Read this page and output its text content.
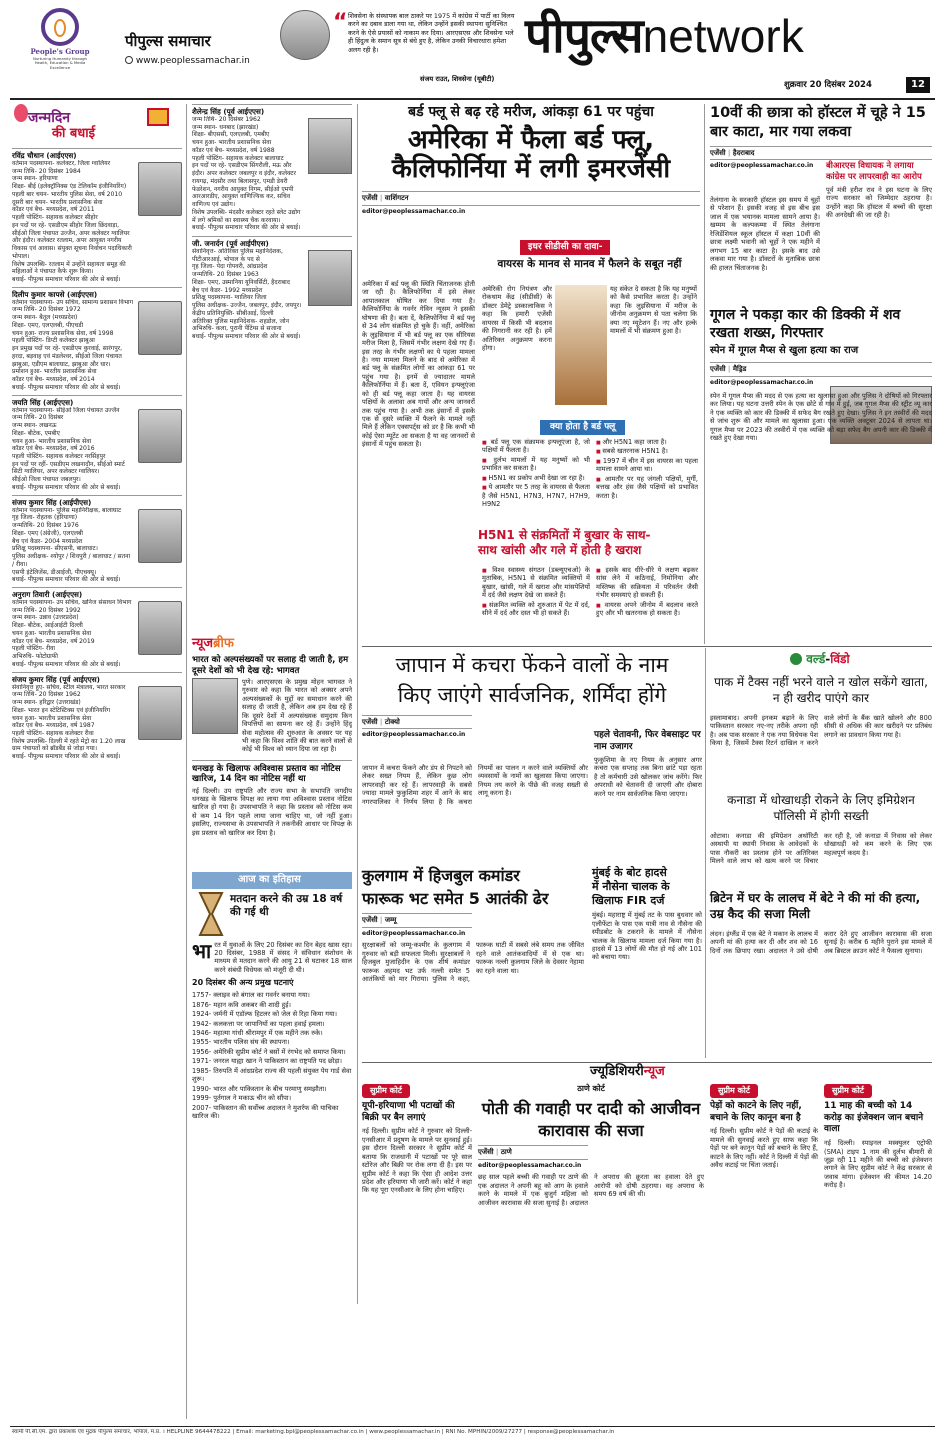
People's Group
Nurturing Humanity through Health, Education & Media Excellence
पीपुल्स समाचार
www.peoplessamachar.in
“ शिवसेना के संस्थापक बाल ठाकरे पर 1975 में कांग्रेस में पार्टी का विलय करने का दबाव डाला गया था, लेकिन उन्होंने इसकी स्थापना सुनिश्चित करने के ऐसे प्रयासों को नाकाम कर दिया। आरएसएस और शिवसेना भले ही हिंदुत्व के समान सूत्र से बंधे हुए है, लेकिन उनकी विचारधारा हमेशा अलग रही है।
संजय राउत, शिवसेना (यूबीटी)
पीपुल्सnetwork
शुक्रवार 20 दिसंबर 2024	12
जन्मदिन
की बधाई
रविंद्र चौधान (आईएएस)
वर्तमान पदस्थापना- कलेक्टर, जिला ग्वालियर
जन्म तिथि- 20 दिसंबर 1984
जन्म स्थान- हरियाणा
शिक्षा- बीई (इलेक्ट्रॉनिक्स एंड टेलिकॉम इंजीनियरिंग)
पहली बार चयन- भारतीय पुलिस सेवा, वर्ष 2010
दूसरी बार चयन- भारतीय प्रशासनिक सेवा
कॉडर एवं बैच- मध्यप्रदेश, वर्ष 2011
पहली पोस्टिंग- सहायक कलेक्टर सीहोर
इन पदों पर रहे- एसडीएम सीहोर जिला छिंदवाड़ा, सीईओ जिला पंचायत उज्जैन, अपर कलेक्टर ग्वालियर और इंदौर। कलेक्टर रतलाम, अपर आयुक्त नगरीय विकास एवं आवास। संयुक्त सूचना निर्वाचन पदाधिकारी भोपाल।
विशेष उपलब्धि- रतलाम में उन्होंने सहायता समूह की महिलाओं ने पंचायत कैफे शुरू किया।
बधाई- पीपुल्स समाचार परिवार की ओर से बधाई।
दिलीप कुमार कापसे (आईएएस)
वर्तमान पदस्थापना- उप सचिव, सामान्य प्रशासन विभाग
जन्म तिथि- 20 दिसंबर 1972
जन्म स्थान- बैतूल (मध्यप्रदेश)
शिक्षा- एमए, एलएलबी, पीएचडी
चयन हुआ- राज्य प्रशासनिक सेवा, वर्ष 1998
पहली पोस्टिंग- डिप्टी कलेक्टर झाबुआ
इन प्रमुख पदों पर रहे- एसडीएम कुरवाई, सारंगपुर, हरदा, बड़वाह एवं मंडलेश्वर, सीईओ जिला पंचायत झाबुआ, एडीएम बालाघाट, झाबुआ और धार।
प्रमोशन हुआ- भारतीय प्रशासनिक सेवा
कॉडर एवं बैच- मध्यप्रदेश, वर्ष 2014
बधाई- पीपुल्स समाचार परिवार की ओर से बधाई।
जयति सिंह (आईएएस)
वर्तमान पदस्थापना- सीईओ जिला पंचायत उज्जैन
जन्म तिथि- 20 दिसंबर
जन्म स्थान- लखनऊ
शिक्षा- बीटेक, एमबीए
चयन हुआ- भारतीय प्रशासनिक सेवा
कॉडर एवं बैच- मध्यप्रदेश, वर्ष 2016
पहली पोस्टिंग- सहायक कलेक्टर नरसिंहपुर
इन पदों पर रहीं- एसडीएम लखनादौन, सीईओ स्मार्ट सिटी ग्वालियर, अपर कलेक्टर ग्वालियर।
सीईओ जिला पंचायत जबलपुर।
बधाई- पीपुल्स समाचार परिवार की ओर से बधाई।
संजय कुमार सिंह (आईपीएस)
वर्तमान पदस्थापना- पुलिस महानिरीक्षक, बालाघाट
गृह जिला- रोहतक (हरियाणा)
जन्मतिथि- 20 दिसंबर 1976
शिक्षा- एमए (अंग्रेजी), एलएलबी
बैच एवं कैडर- 2004 मध्यप्रदेश
प्रशिक्षु पदस्थापना- सीएसपी, बालाघाट।
पुलिस अधीक्षक- श्योपुर / शिवपुरी / बालाघाट / सतना / रीवा।
एसपी इंटेलिजेंस, डीआईजी, पीएचक्यू।
बधाई- पीपुल्स समाचार परिवार की ओर से बधाई।
अनुराग तिवारी (आईएएस)
वर्तमान पदस्थापना- उप सचिव, खनिज संसाधन विभाग
जन्म तिथि- 20 दिसंबर 1992
जन्म स्थान- उन्नाव (उत्तरप्रदेश)
शिक्षा- बीटेक, आईआईटी दिल्ली
चयन हुआ- भारतीय प्रशासनिक सेवा
कॉडर एवं बैच- मध्यप्रदेश, वर्ष 2019
पहली पोस्टिंग- रीवा
अभिरुचि- फोटोग्राफी
बधाई- पीपुल्स समाचार परिवार की ओर से बधाई।
संजय कुमार सिंह (पूर्व आईएएस)
सेवानिवृत्त हुए- सचिव, स्टील मंत्रालय, भारत सरकार
जन्म तिथि- 20 दिसंबर 1962
जन्म स्थान- हरिद्वार (उत्तराखंड)
शिक्षा- भारत इन स्टेटिस्टिक्स एवं इंजीनियरिंग
चयन हुआ- भारतीय प्रशासनिक सेवा
कॉडर एवं बैच- मध्यप्रदेश, वर्ष 1987
पहली पोस्टिंग- सहायक कलेक्टर रीवा
विशेष उपलब्धि- दिल्ली में रहते मेट्रो का 1.20 लाख ग्राम पंचायतों को ब्रॉडबैंड से जोड़ा गया।
बधाई- पीपुल्स समाचार परिवार की ओर से बधाई।
शैलेन्द्र सिंह (पूर्व आईएएस)
जन्म तिथि- 20 दिसंबर 1962
जन्म स्थान- धनबाद (झारखंड)
शिक्षा- बीएससी, एलएलबी, एमबीए
चयन हुआ- भारतीय प्रशासनिक सेवा
कॉडर एवं बैच- मध्यप्रदेश, वर्ष 1988
पहली पोस्टिंग- सहायक कलेक्टर बालाघाट
इन पदों पर रहे- एसडीएम सिंगरौली, मऊ और इंदौर। अपर कलेक्टर जबलपुर व इंदौर, कलेक्टर रायगढ़, मंदसौर तथा बिलासपुर, एमडी डेयरी फेडरेशन, नगरीय आयुक्त निगम, सीईओ एमपी आरआरडीए, आयुक्त वाणिज्यिक कर, सचिव वाणिज्य एवं उद्योग।
विशेष उपलब्धि- मंदसौर कलेक्टर रहते स्लेट उद्योग में लगे श्रमिकों का स्वास्थ्य चैक करवाया।
बधाई- पीपुल्स समाचार परिवार की ओर से बधाई।
जी. जनार्दन (पूर्व आईपीएस)
सेवानिवृत्त- अतिरिक्त पुलिस महानिदेशक, पीटीआरआई, भोपाल के पद से
गृह जिला- पेदा गोपवरी, आंध्रप्रदेश
जन्मतिथि- 20 दिसंबर 1963
शिक्षा- एमए, उस्मानिया यूनिवर्सिटी, हैदराबाद
बैच एवं कैडर- 1992 मध्यप्रदेश
प्रशिक्षु पदस्थापना- ग्वालियर जिला
पुलिस अधीक्षक- उज्जैन, जबलपुर, इंदौर, जयपुर।
केंद्रीय प्रतिनियुक्ति- सीबीआई, दिल्ली
अतिरिक्त पुलिस महानिदेशक- शहडोल, जोन
अभिरुचि- कला, पुरानी पेंटिंग्स से सजाना
बधाई- पीपुल्स समाचार परिवार की ओर से बधाई।
न्यूजब्रीफ
भारत को अल्पसंख्यकों पर सलाह दी जाती है, हम दूसरे देशों को भी देख रहे: भागवत
पुणे। आरएसएस के प्रमुख मोहन भागवत ने गुरुवार को कहा कि भारत को अक्सर अपने अल्पसंख्यकों के मुद्दों का समाधान करने की सलाह दी जाती है, लेकिन अब हम देख रहे हैं कि दूसरे देशों में अल्पसंख्यक समुदाय किन विपत्तियों का सामना कर रहे हैं। उन्होंने हिंदू सेवा महोत्सव की शुरुआत के अवसर पर यह भी कहा कि विश्व शांति की बात करने वालों से कोई भी विश्व को ध्यान दिया जा रहा है।
धनखड़ के खिलाफ अविश्वास प्रस्ताव का नोटिस खारिज, 14 दिन का नोटिस नहीं था
नई दिल्ली। उप राष्ट्रपति और राज्य सभा के सभापति जगदीप धनखड़ के खिलाफ विपक्ष का लाया गया अविश्वास प्रस्ताव नोटिस खारिज हो गया है। उपसभापति ने कहा कि प्रस्ताव को नोटिस कम से कम 14 दिन पहले लाया जाना चाहिए था, जो नहीं हुआ। इसलिए, राज्यसभा के उपसभापति ने तकनीकी आधार पर विपक्ष के इस प्रस्ताव को खारिज कर दिया है।
आज का इतिहास
मतदान करने की उम्र 18 वर्ष की गई थी
भा रत में युवाओं के लिए 20 दिसंबर का दिन बेहद खास रहा। 20 दिसंबर, 1988 में संसद ने संविधान संशोधन के माध्यम से मतदान करने की आयु 21 से घटाकर 18 साल करने संबंधी विधेयक को मंजूरी दी थी।
20 दिसंबर की अन्य प्रमुख घटनाएं
1757- क्लाइव को बंगाल का गवर्नर बनाया गया।
1876- महान कवि अकबर की शादी हुई।
1924- जर्मनी में एडॉल्फ हिटलर को जेल से रिहा किया गया।
1942- कलकत्ता पर जापानियों का पहला हवाई हमला।
1946- महात्मा गांधी श्रीरामपुर में एक महीने तक रुके।
1955- भारतीय पलिस संघ की स्थापना।
1956- अमेरिकी सुप्रीम कोर्ट ने बसों में रंगभेद को समाप्त किया।
1971- जनरल याह्या खान ने पाकिस्तान का राष्ट्रपति पद छोड़ा।
1985- तिरुपति में आंध्रप्रदेश राज्य की पहली संयुक्त पेय गार्ड सेवा शुरू।
1990- भारत और पाकिस्तान के बीच परमाणु समझौता।
1999- पुर्तगाल ने मकाऊ चीन को सौंपा।
2007- पाकिस्तान की सर्वोच्च अदालत ने मुशर्रफ की याचिका खारिज की।
बर्ड फ्लू से बढ़ रहे मरीज, आंकड़ा 61 पर पहुंचा
अमेरिका में फैला बर्ड फ्लू,
कैलिफोर्निया में लगी इमरजेंसी
एजेंसी | वाशिंगटन
editor@peoplessamachar.co.in
अमेरिका में बर्ड फ्लू की स्थिति चिंताजनक होती जा रही है। कैलिफोर्निया में इसे लेकर आपातकाल घोषित कर दिया गया है। कैलिफोर्निया के गवर्नर गेविन न्यूसम ने इसकी घोषणा की है। बता दें, कैलिफोर्निया में बर्ड फ्लू से 34 लोग संक्रमित हो चुके हैं। वहीं, अमेरिका के लुइसियाना में भी बर्ड फ्लू का एक सीरियस मरीज मिला है, जिसमें गंभीर लक्षण देखे गए हैं। इस तरह के गंभीर लक्षणों का ये पहला मामला है। नया मामला मिलने के बाद से अमेरिका में बर्ड फ्लू के संक्रमित लोगों का आंकड़ा 61 पर पहुंच गया है। इनमें से ज्यादातर मामले कैलिफोर्निया में हैं। बता दें, एवियन इन्फ्लूएंजा को ही बर्ड फ्लू कहा जाता है। यह वायरस पक्षियों के अलावा अब गायों और अन्य जानवरों तक पहुंच गया है। अभी तक इंसानों में इसके एक से दूसरे व्यक्ति में फैलने के मामले नहीं मिले हैं लेकिन एक्सपर्ट्स को डर है कि कभी भी कोई ऐसा म्यूटेंट आ सकता है या वह जानवरों से इंसानों में पहुंच सकता है।
इधर सीडीसी का दावा-
वायरस के मानव से मानव में फैलने के सबूत नहीं
अमेरिकी रोग नियंत्रण और रोकथाम केंद्र (सीडीसी) के डॉक्टर डेमेट्रे डस्कालाकिस ने कहा कि हमारी एजेंसी वायरस में किसी भी बदलाव की निगरानी कर रही है। हमें अतिरिक्त अनुक्रमण करना होगा।
यह संकेत दे सकता है कि यह मनुष्यों को कैसे प्रभावित करता है। उन्होंने कहा कि लुइसियाना में मरीज के जीनोम अनुक्रमण से पता चलेगा कि क्या नए म्यूटेशन हैं। नए और हल्के मामलों में भी संक्रमण हुआ है।
क्या होता है बर्ड फ्लू
■ बर्ड फ्लू एक संक्रामक इन्फ्लूएंजा है, जो पक्षियों में फैलता है।
■ दुर्लभ मामलों में यह मनुष्यों को भी प्रभावित कर सकता है।
■ H5N1 का प्रकोप अभी देखा जा रहा है।
■ ये आमतौर पर 5 तरह के वायरस से फैलता है जैसे H5N1, H7N3, H7N7, H7H9, H9N2
■ और H5N1 कहा जाता है।
■ सबसे खतरनाक H5N1 है।
■ 1997 में चीन में इस वायरस का पहला मामला सामने आया था।
■ आमतौर पर यह जंगली पक्षियों, मुर्गी, बत्तख और हंस जैसे पक्षियों को प्रभावित करता है।
H5N1 से संक्रमितों में बुखार के साथ-
साथ खांसी और गले में होती है खराश
■ विश्व स्वास्थ्य संगठन (डब्ल्यूएचओ) के मुताबिक, H5N1 से संक्रमित व्यक्तियों में बुखार, खांसी, गले में खराश और मांसपेशियों में दर्द जैसे लक्षण देखे जा सकते हैं।
■ संक्रमित व्यक्ति को शुरुआत में पेट में दर्द, सीने में दर्द और दस्त भी हो सकते हैं।
■ इसके बाद धीरे-धीरे ये लक्षण बढ़कर सांस लेने में कठिनाई, निमोनिया और मस्तिष्क की सक्रियता में परिवर्तन जैसी गंभीर समस्याएं हो सकती हैं।
■ वायरस अपने जीनोम में बदलाव करते हुए और भी खतरनाक हो सकता है।
10वीं की छात्रा को हॉस्टल में चूहे ने 15 बार काटा, मार गया लकवा
एजेंसी | हैदराबाद
editor@peoplessamachar.co.in
तेलंगाना के सरकारी हॉस्टल इस समय में चूहों से परेशान हैं। इसकी वजह से इस बीच इस जाल में एक भयानक मामला सामने आया है। खम्मम के कल्पकम्मा में स्थित तेलंगाना रेजिडेंशियल स्कूल हॉस्टल में कक्षा 10वीं की छात्रा लक्ष्मी भवानी को चूहों ने एक महीने में लगभग 15 बार काटा है। इसके बाद उसे लकवा मार गया है। डॉक्टरों के मुताबिक छात्रा की हालत चिंताजनक है।
बीआरएस विधायक ने लगाया कांग्रेस पर लापरवाही का आरोप
पूर्व मंत्री हरीश राव ने इस घटना के लिए राज्य सरकार को जिम्मेदार ठहराया है। उन्होंने कहा कि हॉस्टल में बच्चों की सुरक्षा की अनदेखी की जा रही है।
गूगल ने पकड़ा कार की डिक्की में शव रखता शख्स, गिरफ्तार
स्पेन में गूगल मैप्स से खुला हत्या का राज
एजेंसी | मैड्रिड
editor@peoplessamachar.co.in
स्पेन में गूगल मैप्स की मदद से एक हत्या का खुलासा हुआ और पुलिस ने दोषियों को गिरफ्तार कर लिया। यह घटना उत्तरी स्पेन के एक छोटे से गांव में हुई, जब गूगल मैप्स की स्ट्रीट व्यू कार ने एक व्यक्ति को कार की डिक्की में सफेद बैग रखते हुए देखा। पुलिस ने इन तस्वीरों की मदद से जांच शुरू की और मामले का खुलासा हुआ। एक व्यक्ति अक्टूबर 2024 से लापता था। गूगल मैप्स पर 2023 की तस्वीरों में एक व्यक्ति को बड़ा सफेद बैग अपनी कार की डिक्की में रखते हुए देखा गया।
जापान में कचरा फेंकने वालों के नाम
किए जाएंगे सार्वजनिक, शर्मिंदा होंगे
एजेंसी | टोक्यो
editor@peoplessamachar.co.in
जापान में कचरा फेंकने और डंप से निपटने को लेकर सख्त नियम हैं, लेकिन कुछ लोग लापरवाही कर रहे हैं। लापरवाही के सबसे ज्यादा मामले फुकुशिमा शहर में आने के बाद नगरपालिका ने निर्णय लिया है कि कचरा नियमों का पालन न करने वाले व्यक्तियों और व्यवसायों के नामों का खुलासा किया जाएगा। नियम तय करने के पीछे की वजह सख्ती से लागू करना है।
पहले चेतावनी, फिर वेबसाइट पर नाम उजागर
फुकुशिमा के नए नियम के अनुसार अगर कचरा एक सप्ताह तक बिना छांटे पड़ा रहता है तो कर्मचारी उसे खोलकर जांच करेंगे। फिर अपराधी को चेतावनी दी जाएगी और दोबारा करने पर नाम सार्वजनिक किया जाएगा।
कुलगाम में हिजबुल कमांडर
फारूक भट समेत 5 आतंकी ढेर
एजेंसी | जम्मू
editor@peoplessamachar.co.in
सुरक्षाबलों को जम्मू-कश्मीर के कुलगाम में गुरुवार को बड़ी सफलता मिली। सुरक्षाबलों ने हिजबुल मुजाहिदीन के एक शीर्ष कमांडर फारूक अहमद भट उर्फ नल्ली समेत 5 आतंकियों को मार गिराया। पुलिस ने कहा, फारूक घाटी में सबसे लंबे समय तक जीवित रहने वाले आतंकवादियों में से एक था। फारूक नल्ली कुलगाम जिले के देवसर नेहामा का रहने वाला था।
मुंबई के बोट हादसे
में नौसेना चालक के
खिलाफ FIR दर्ज
मुंबई। महाराष्ट्र में मुंबई तट के पास बुधवार को एलीफेंटा के पास एक यात्री नाव से नौसेना की स्पीडबोट के टकराने के मामले में नौसेना चालक के खिलाफ मामला दर्ज किया गया है। हादसे में 13 लोगों की मौत हो गई और 101 को बचाया गया।
वर्ल्ड-विंडो
पाक में टैक्स नहीं भरने वाले न खोल सकेंगे खाता, न ही खरीद पाएंगे कार
इस्लामाबाद। अपनी इनकम बढ़ाने के लिए पाकिस्तान सरकार नए-नए तरीके अपना रही है। अब पाक सरकार ने एक नया विधेयक पेश किया है, जिसमें टैक्स रिटर्न दाखिल न करने वाले लोगों के बैंक खाते खोलने और 800 सीसी से अधिक की कार खरीदने पर प्रतिबंध लगाने का प्रावधान किया गया है।
कनाडा में धोखाधड़ी रोकने के लिए इमिग्रेशन पॉलिसी में होगी सख्ती
ओटावा। कनाडा की इमिग्रेशन अथॉरिटी अस्थायी या स्थायी निवास के आवेदकों के पास नौकरी का प्रस्ताव होने पर अतिरिक्त मिलने वाले लाभ को खत्म करने पर विचार कर रही है, जो कनाडा में निवास को लेकर धोखाधड़ी को कम करने के लिए एक महत्वपूर्ण कदम है।
ब्रिटेन में घर के लालच में बेटे ने की मां की हत्या, उम्र कैद की सजा मिली
लंदन। इंग्लैंड में एक बेटे ने मकान के लालच में अपनी मां की हत्या कर दी और शव को 16 दिनों तक छिपाए रखा। अदालत ने उसे दोषी करार देते हुए आजीवन कारावास की सजा सुनाई है। करीब 6 महीने पुराने इस मामले में अब ब्रिस्टल क्राउन कोर्ट ने फैसला सुनाया।
ज्यूडिशियरीन्यूज
सुप्रीम कोर्ट
यूपी-हरियाणा भी पटाखों की बिक्री पर बैन लगाएं
नई दिल्ली। सुप्रीम कोर्ट ने गुरुवार को दिल्ली-एनसीआर में प्रदूषण के मामले पर सुनवाई हुई। इस दौरान दिल्ली सरकार ने सुप्रीम कोर्ट में बताया कि राजधानी में पटाखों पर पूरे साल स्टोरेज और बिक्री पर रोक लगा दी है। इस पर सुप्रीम कोर्ट ने कहा कि ऐसा ही आदेश उत्तर प्रदेश और हरियाणा भी जारी करें। कोर्ट ने कहा कि यह पूरा एनसीआर के लिए होना चाहिए।
ठाणे कोर्ट
पोती की गवाही पर दादी को आजीवन कारावास की सजा
एजेंसी | ठाणे
editor@peoplessamachar.co.in
छह साल पहले बच्ची की गवाही पर ठाणे की एक अदालत ने अपनी बहू को आग के हवाले करने के मामले में एक बुजुर्ग महिला को आजीवन कारावास की सजा सुनाई है। अदालत ने अपराध की क्रूरता का हवाला देते हुए आरोपी को दोषी ठहराया। वह अपराध के समय 69 वर्ष की थी।
सुप्रीम कोर्ट
पेड़ों को काटने के लिए नहीं, बचाने के लिए कानून बना है
नई दिल्ली। सुप्रीम कोर्ट ने पेड़ों की कटाई के मामले की सुनवाई करते हुए साफ कहा कि पेड़ों पर बने कानून पेड़ों को बचाने के लिए हैं, काटने के लिए नहीं। कोर्ट ने दिल्ली में पेड़ों की अवैध कटाई पर चिंता जताई।
सुप्रीम कोर्ट
11 माह की बच्ची को 14 करोड़ का इंजेक्शन जान बचाने वाला
नई दिल्ली। स्पाइनल मस्क्युलर एट्रोफी (SMA) टाइप 1 नाम की दुर्लभ बीमारी से जूझ रही 11 महीने की बच्ची को इंजेक्शन लगाने के लिए सुप्रीम कोर्ट ने केंद्र सरकार से जवाब मांगा। इंजेक्शन की कीमत 14.20 करोड़ है।
स्वामी पी.सी.एम. द्वारा प्रकाशक एवं मुद्रक पीपुल्स समाचार, भोपाल, म.प्र. । HELPLINE 9644478222 | Email: marketing.bpl@peoplessamachar.co.in | www.peoplessamachar.in | RNI No. MPHIN/2009/27277 | response@peoplessamachar.in
